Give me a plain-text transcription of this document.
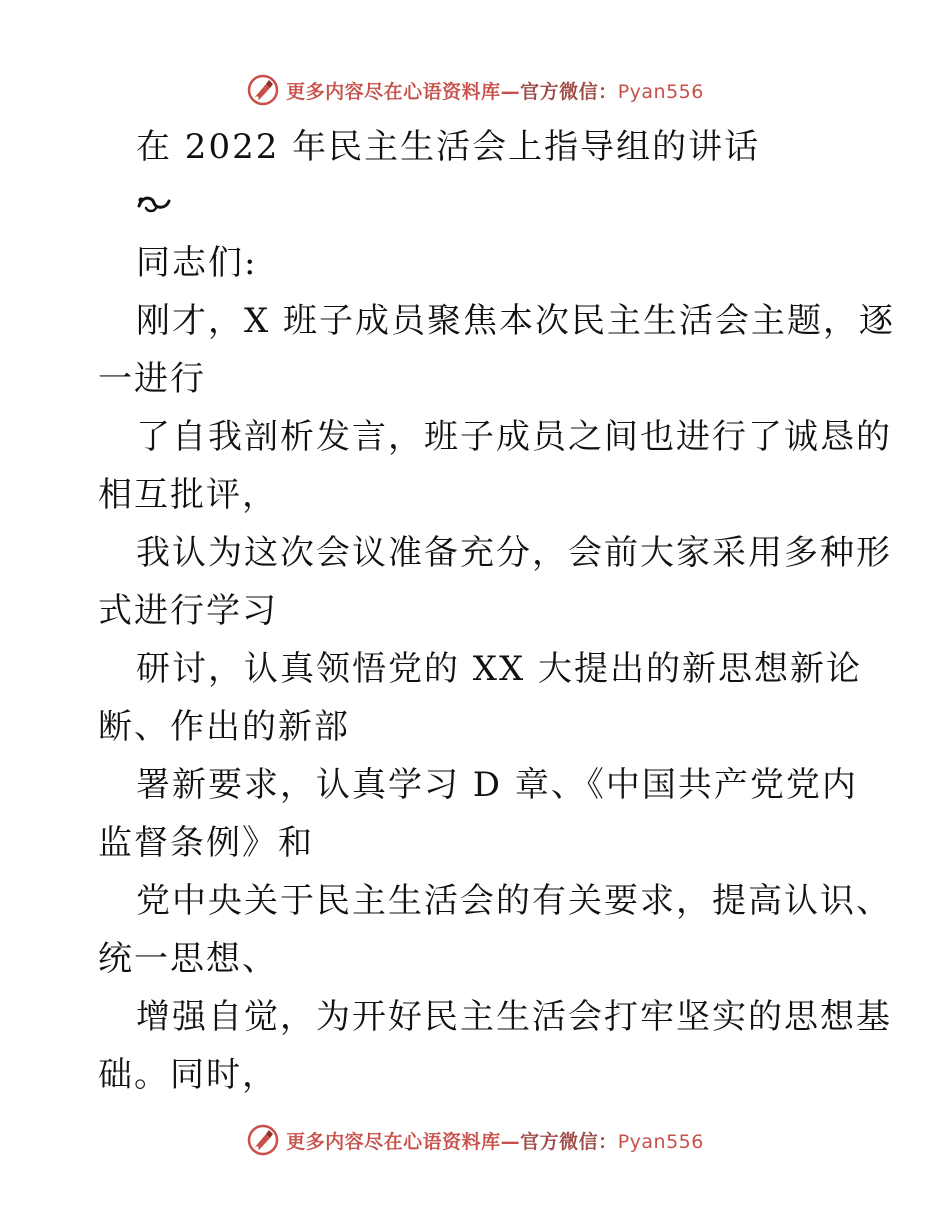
更多内容尽在心语资料库—官方微信：Pyan556
在 2022 年民主生活会上指导组的讲话
同志们:
刚才，X 班子成员聚焦本次民主生活会主题，逐
一进行
了自我剖析发言，班子成员之间也进行了诚恳的
相互批评，
我认为这次会议准备充分，会前大家采用多种形
式进行学习
研讨，认真领悟党的 XX 大提出的新思想新论
断、作出的新部
署新要求，认真学习 D 章、《中国共产党党内
监督条例》和
党中央关于民主生活会的有关要求，提高认识、
统一思想、
增强自觉，为开好民主生活会打牢坚实的思想基
础。同时，
更多内容尽在心语资料库—官方微信：Pyan556
